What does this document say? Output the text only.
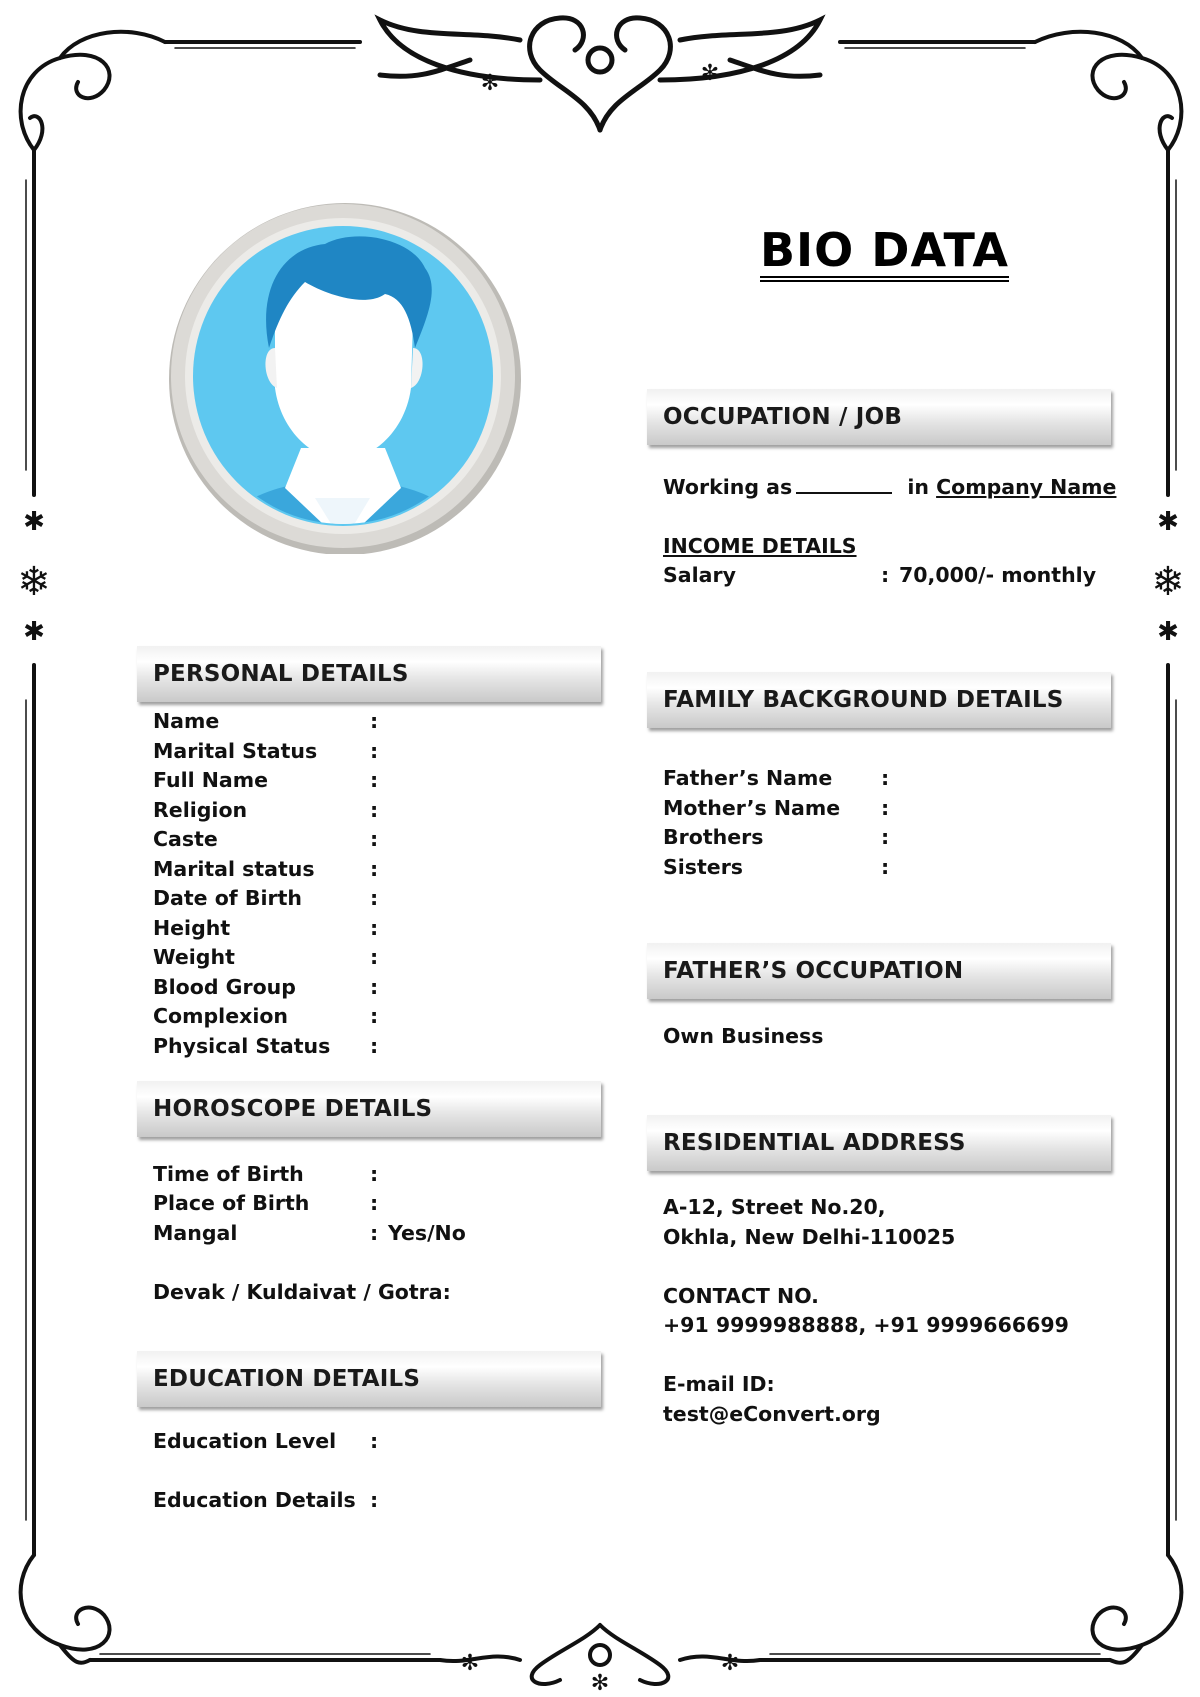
✱
❄
✱
✱
❄
✱
✻	✻
✻	✻
✻
BIO DATA
OCCUPATION / JOB
Working as	in Company Name
INCOME DETAILS
Salary	: 70,000/- monthly
PERSONAL DETAILS
Name	:
Marital Status	:
Full Name	:
Religion	:
Caste	:
Marital status	:
Date of Birth	:
Height	:
Weight	:
Blood Group	:
Complexion	:
Physical Status :
FAMILY BACKGROUND DETAILS
Father’s Name :
Mother’s Name :
Brothers	:
Sisters	:
FATHER’S OCCUPATION
Own Business
HOROSCOPE DETAILS
Time of Birth	:
Place of Birth	:
Mangal	: Yes/No
Devak / Kuldaivat / Gotra:
RESIDENTIAL ADDRESS
A-12, Street No.20,
Okhla, New Delhi-110025
CONTACT NO.
+91 9999988888, +91 9999666699
E-mail ID:
test@eConvert.org
EDUCATION DETAILS
Education Level :
Education Details :
